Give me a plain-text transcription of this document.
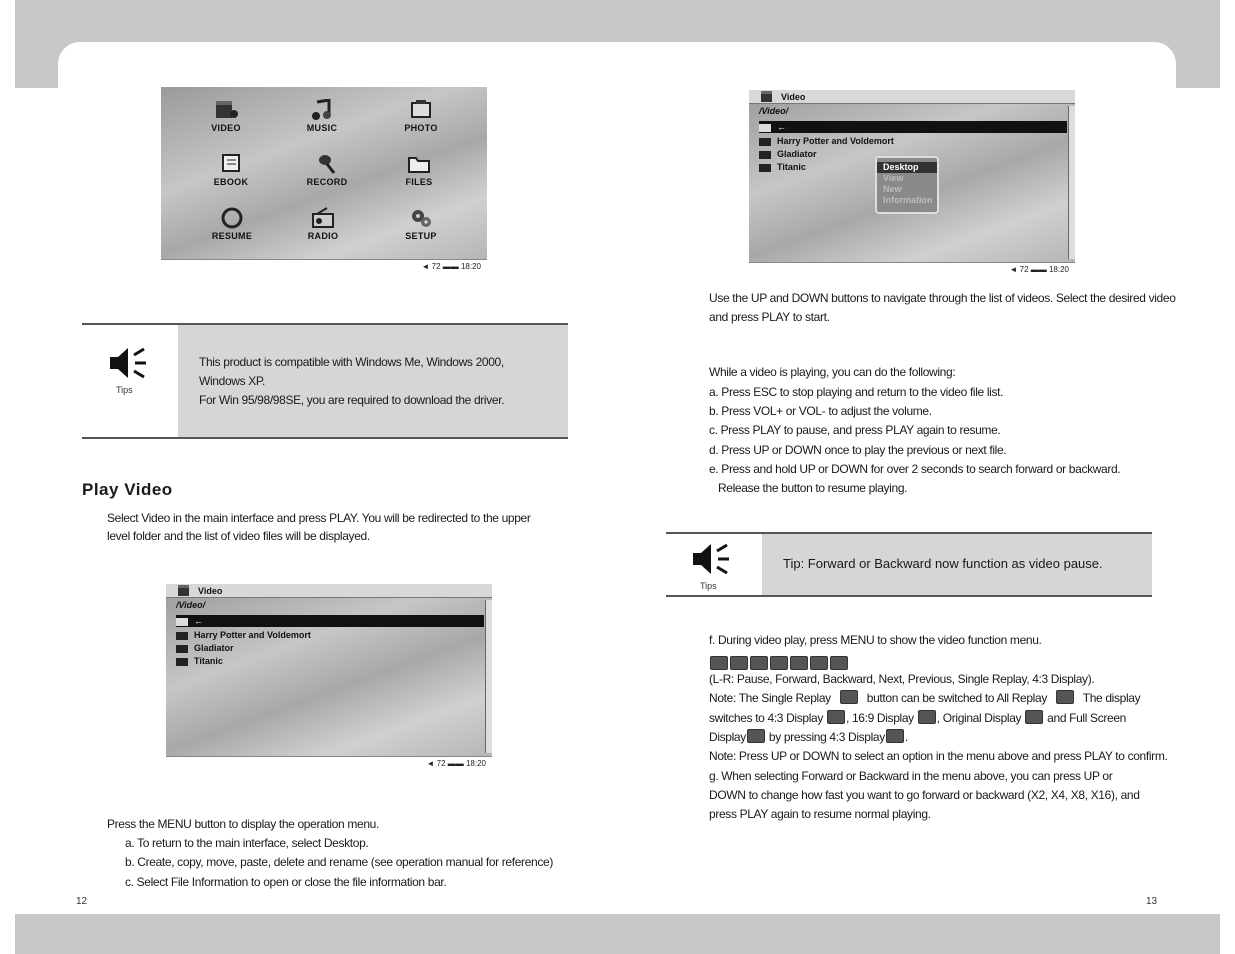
VIDEO	MUSIC	PHOTO
EBOOK	RECORD	FILES
RESUME	RADIO	SETUP
◄ 72 ▬▬ 18:20
Tips
This product is compatible with Windows Me, Windows 2000,
Windows XP.
For Win 95/98/98SE, you are required to download the driver.
Play Video
Select Video in the main interface and press PLAY. You will be redirected to the upper
level folder and the list of video files will be displayed.
Video
/Video/
←
Harry Potter and Voldemort
Gladiator
Titanic
◄ 72 ▬▬ 18:20
Press the MENU button to display the operation menu.
a. To return to the main interface, select Desktop.
b. Create, copy, move, paste, delete and rename (see operation manual for reference)
c. Select File Information to open or close the file information bar.
12
Video
/Video/
←
Harry Potter and Voldemort
Gladiator
Titanic	Desktop
View
New
Information
◄ 72 ▬▬ 18:20
Use the UP and DOWN buttons to navigate through the list of videos. Select the desired video
and press PLAY to start.
While a video is playing, you can do the following:
a. Press ESC to stop playing and return to the video file list.
b. Press VOL+ or VOL- to adjust the volume.
c. Press PLAY to pause, and press PLAY again to resume.
d. Press UP or DOWN once to play the previous or next file.
e. Press and hold UP or DOWN for over 2 seconds to search forward or backward.
Release the button to resume playing.
Tips
Tip: Forward or Backward now function as video pause.
f. During video play, press MENU to show the video function menu.
(L-R: Pause, Forward, Backward, Next, Previous, Single Replay, 4:3 Display).
Note: The Single Replay	button can be switched to All Replay	The display
switches to 4:3 Display , 16:9 Display , Original Display and Full Screen
Display by pressing 4:3 Display .
Note: Press UP or DOWN to select an option in the menu above and press PLAY to confirm.
g. When selecting Forward or Backward in the menu above, you can press UP or
DOWN to change how fast you want to go forward or backward (X2, X4, X8, X16), and
press PLAY again to resume normal playing.
13
